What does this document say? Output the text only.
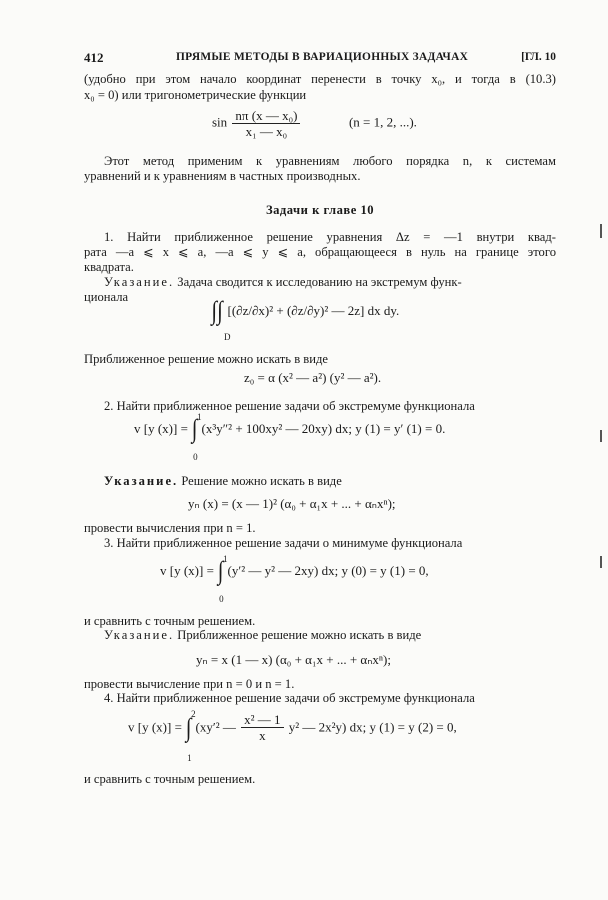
412	ПРЯМЫЕ МЕТОДЫ В ВАРИАЦИОННЫХ ЗАДАЧАХ	[ГЛ. 10
(удобно при этом начало координат перенести в точку x₀, и тогда в (10.3)
x₀ = 0) или тригонометрические функции
$\sin \frac{\text{nπ (x — x₀)}}{\text{x₁ — x₀}}$	(n = 1, 2, ...).
Этот метод применим к уравнениям любого порядка n, к системам
уравнений и к уравнениям в частных производных.
Задачи к главе 10
1. Найти приближенное решение уравнения Δz = —1 внутри квад-
рата —a ⩽ x ⩽ a, —a ⩽ y ⩽ a, обращающееся в нуль на границе этого
квадрата.
Указание. Задача сводится к исследованию на экстремум функ-
ционала	∫∫ [(∂z/∂x)² + (∂z/∂y)² — 2z] dx dy.
D
Приближенное решение можно искать в виде
z₀ = α (x² — a²) (y² — a²).
2. Найти приближенное решение задачи об экстремуме функционала
v [y (x)] = ∫ 1
0
(x³y″² + 100xy² — 20xy) dx; y (1) = y′ (1) = 0.
Указание. Решение можно искать в виде
yₙ (x) = (x — 1)² (α₀ + α₁x + ... + αₙxⁿ);
провести вычисления при n = 1.
3. Найти приближенное решение задачи о минимуме функционала
v [y (x)] = ∫ 1
0
(y′² — y² — 2xy) dx; y (0) = y (1) = 0,
и сравнить с точным решением.
Указание. Приближенное решение можно искать в виде
yₙ = x (1 — x) (α₀ + α₁x + ... + αₙxⁿ);
провести вычисление при n = 0 и n = 1.
4. Найти приближенное решение задачи об экстремуме функционала
v [y (x)] = ∫ 2
1
(xy′² — $\frac{\text{x² — 1}}{x} y^2$ — 2x²y) dx; y (1) = y (2) = 0,
и сравнить с точным решением.
